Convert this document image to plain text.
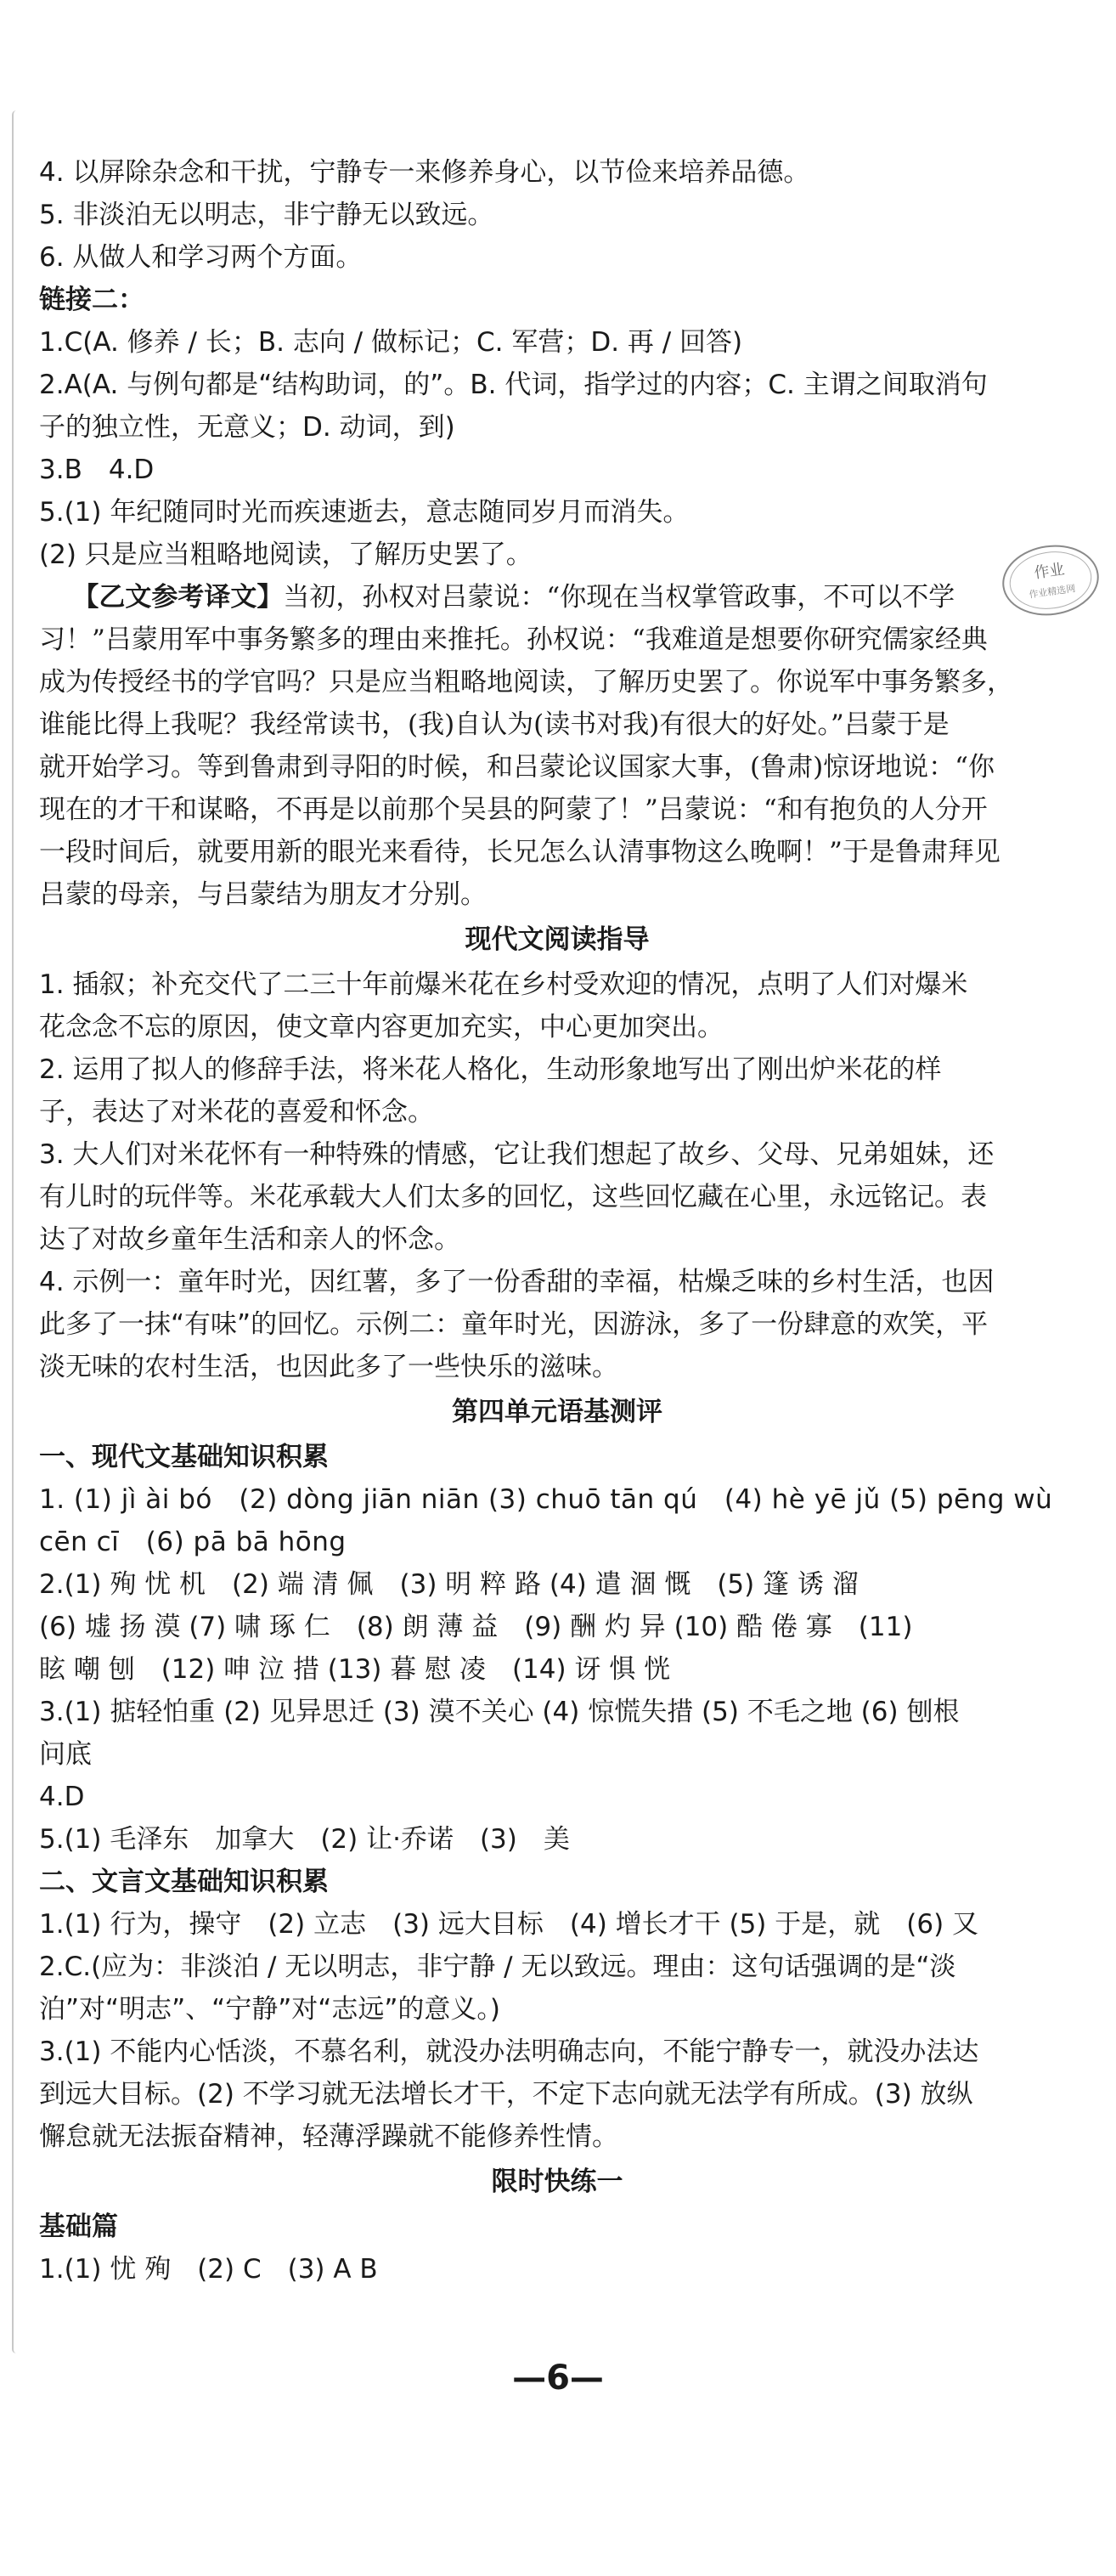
作业
作业精选网
4. 以屏除杂念和干扰，宁静专一来修养身心，以节俭来培养品德。
5. 非淡泊无以明志，非宁静无以致远。
6. 从做人和学习两个方面。
链接二：
1.C(A. 修养 / 长；B. 志向 / 做标记；C. 军营；D. 再 / 回答)
2.A(A. 与例句都是“结构助词，的”。B. 代词，指学过的内容；C. 主谓之间取消句
子的独立性，无意义；D. 动词，到)
3.B　4.D
5.(1) 年纪随同时光而疾速逝去，意志随同岁月而消失。
(2) 只是应当粗略地阅读，了解历史罢了。
【乙文参考译文】当初，孙权对吕蒙说：“你现在当权掌管政事，不可以不学
习！”吕蒙用军中事务繁多的理由来推托。孙权说：“我难道是想要你研究儒家经典
成为传授经书的学官吗？只是应当粗略地阅读，了解历史罢了。你说军中事务繁多，
谁能比得上我呢？我经常读书，(我)自认为(读书对我)有很大的好处。”吕蒙于是
就开始学习。等到鲁肃到寻阳的时候，和吕蒙论议国家大事，(鲁肃)惊讶地说：“你
现在的才干和谋略，不再是以前那个吴县的阿蒙了！”吕蒙说：“和有抱负的人分开
一段时间后，就要用新的眼光来看待，长兄怎么认清事物这么晚啊！”于是鲁肃拜见
吕蒙的母亲，与吕蒙结为朋友才分别。
现代文阅读指导
1. 插叙；补充交代了二三十年前爆米花在乡村受欢迎的情况，点明了人们对爆米
花念念不忘的原因，使文章内容更加充实，中心更加突出。
2. 运用了拟人的修辞手法，将米花人格化，生动形象地写出了刚出炉米花的样
子，表达了对米花的喜爱和怀念。
3. 大人们对米花怀有一种特殊的情感，它让我们想起了故乡、父母、兄弟姐妹，还
有儿时的玩伴等。米花承载大人们太多的回忆，这些回忆藏在心里，永远铭记。表
达了对故乡童年生活和亲人的怀念。
4. 示例一：童年时光，因红薯，多了一份香甜的幸福，枯燥乏味的乡村生活，也因
此多了一抹“有味”的回忆。示例二：童年时光，因游泳，多了一份肆意的欢笑，平
淡无味的农村生活，也因此多了一些快乐的滋味。
第四单元语基测评
一、现代文基础知识积累
1. (1) jì ài bó　(2) dòng jiān niān (3) chuō tān qú　(4) hè yē jǔ (5) pēng wù
cēn cī　(6) pā bā hōng
2.(1) 殉 忧 机　(2) 端 清 佩　(3) 明 粹 路 (4) 遣 涸 慨　(5) 篷 诱 溜
(6) 墟 扬 漠 (7) 啸 琢 仁　(8) 朗 薄 益　(9) 酬 灼 异 (10) 酷 倦 寡　(11)
眩 嘲 刨　(12) 呻 泣 措 (13) 暮 慰 凌　(14) 讶 惧 恍
3.(1) 掂轻怕重 (2) 见异思迁 (3) 漠不关心 (4) 惊慌失措 (5) 不毛之地 (6) 刨根
问底
4.D
5.(1) 毛泽东　加拿大　(2) 让·乔诺　(3)　美
二、文言文基础知识积累
1.(1) 行为，操守　(2) 立志　(3) 远大目标　(4) 增长才干 (5) 于是，就　(6) 又
2.C.(应为：非淡泊 / 无以明志，非宁静 / 无以致远。理由：这句话强调的是“淡
泊”对“明志”、“宁静”对“志远”的意义。)
3.(1) 不能内心恬淡，不慕名利，就没办法明确志向，不能宁静专一，就没办法达
到远大目标。(2) 不学习就无法增长才干，不定下志向就无法学有所成。(3) 放纵
懈怠就无法振奋精神，轻薄浮躁就不能修养性情。
限时快练一
基础篇
1.(1) 忧 殉　(2) C　(3) A B
—6—
